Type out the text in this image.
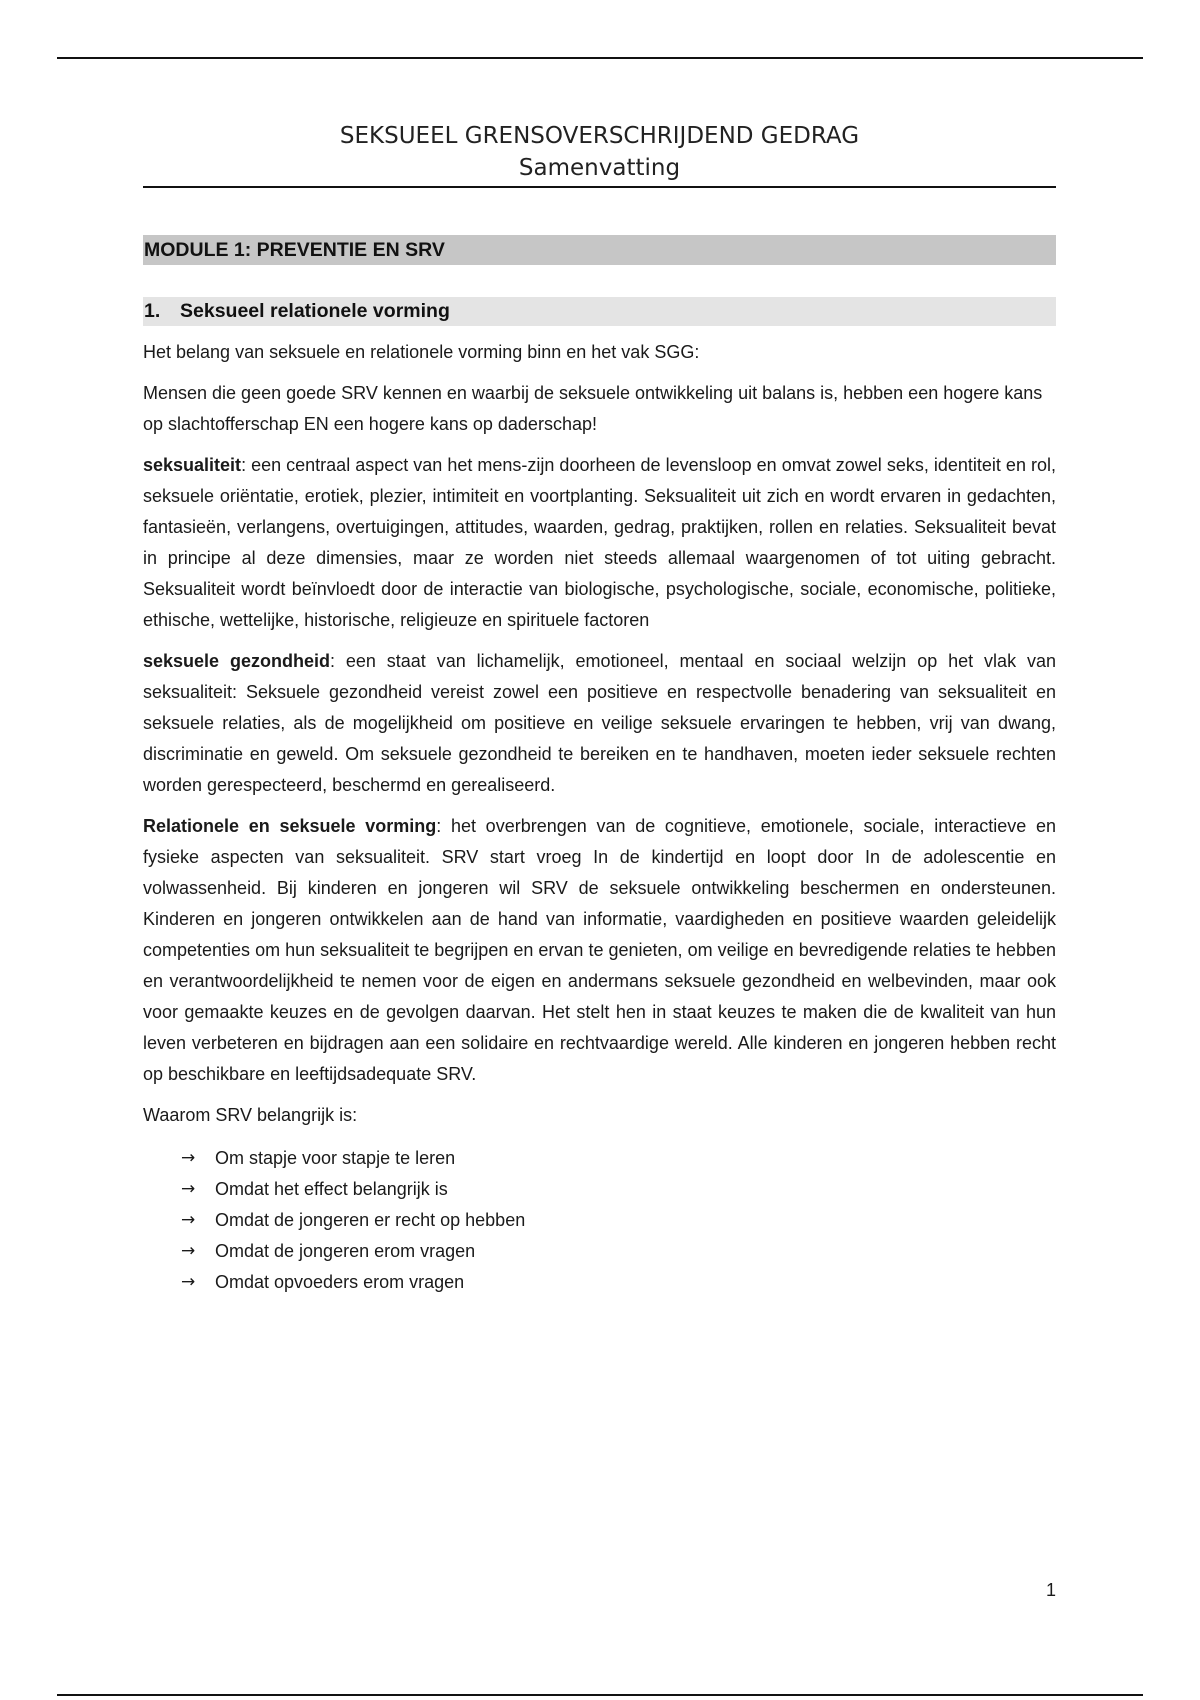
SEKSUEEL GRENSOVERSCHRIJDEND GEDRAG
Samenvatting
MODULE 1: PREVENTIE EN SRV
1.	Seksueel relationele vorming

Het belang van seksuele en relationele vorming binn en het vak SGG:

Mensen die geen goede SRV kennen en waarbij de seksuele ontwikkeling uit balans is, hebben een hogere kans op slachtofferschap EN een hogere kans op daderschap!

seksualiteit: een centraal aspect van het mens-zijn doorheen de levensloop en omvat zowel seks, identiteit en rol, seksuele oriëntatie, erotiek, plezier, intimiteit en voortplanting. Seksualiteit uit zich en wordt ervaren in gedachten, fantasieën, verlangens, overtuigingen, attitudes, waarden, gedrag, praktijken, rollen en relaties. Seksualiteit bevat in principe al deze dimensies, maar ze worden niet steeds allemaal waargenomen of tot uiting gebracht. Seksualiteit wordt beïnvloedt door de interactie van biologische, psychologische, sociale, economische, politieke, ethische, wettelijke, historische, religieuze en spirituele factoren

seksuele gezondheid: een staat van lichamelijk, emotioneel, mentaal en sociaal welzijn op het vlak van seksualiteit: Seksuele gezondheid vereist zowel een positieve en respectvolle benadering van seksualiteit en seksuele relaties, als de mogelijkheid om positieve en veilige seksuele ervaringen te hebben, vrij van dwang, discriminatie en geweld. Om seksuele gezondheid te bereiken en te handhaven, moeten ieder seksuele rechten worden gerespecteerd, beschermd en gerealiseerd.

Relationele en seksuele vorming: het overbrengen van de cognitieve, emotionele, sociale, interactieve en fysieke aspecten van seksualiteit. SRV start vroeg In de kindertijd en loopt door In de adolescentie en volwassenheid. Bij kinderen en jongeren wil SRV de seksuele ontwikkeling beschermen en ondersteunen. Kinderen en jongeren ontwikkelen aan de hand van informatie, vaardigheden en positieve waarden geleidelijk competenties om hun seksualiteit te begrijpen en ervan te genieten, om veilige en bevredigende relaties te hebben en verantwoordelijkheid te nemen voor de eigen en andermans seksuele gezondheid en welbevinden, maar ook voor gemaakte keuzes en de gevolgen daarvan. Het stelt hen in staat keuzes te maken die de kwaliteit van hun leven verbeteren en bijdragen aan een solidaire en rechtvaardige wereld. Alle kinderen en jongeren hebben recht op beschikbare en leeftijdsadequate SRV.

Waarom SRV belangrijk is:

→	Om stapje voor stapje te leren
→	Omdat het effect belangrijk is
→	Omdat de jongeren er recht op hebben
→	Omdat de jongeren erom vragen
→	Omdat opvoeders erom vragen
1
